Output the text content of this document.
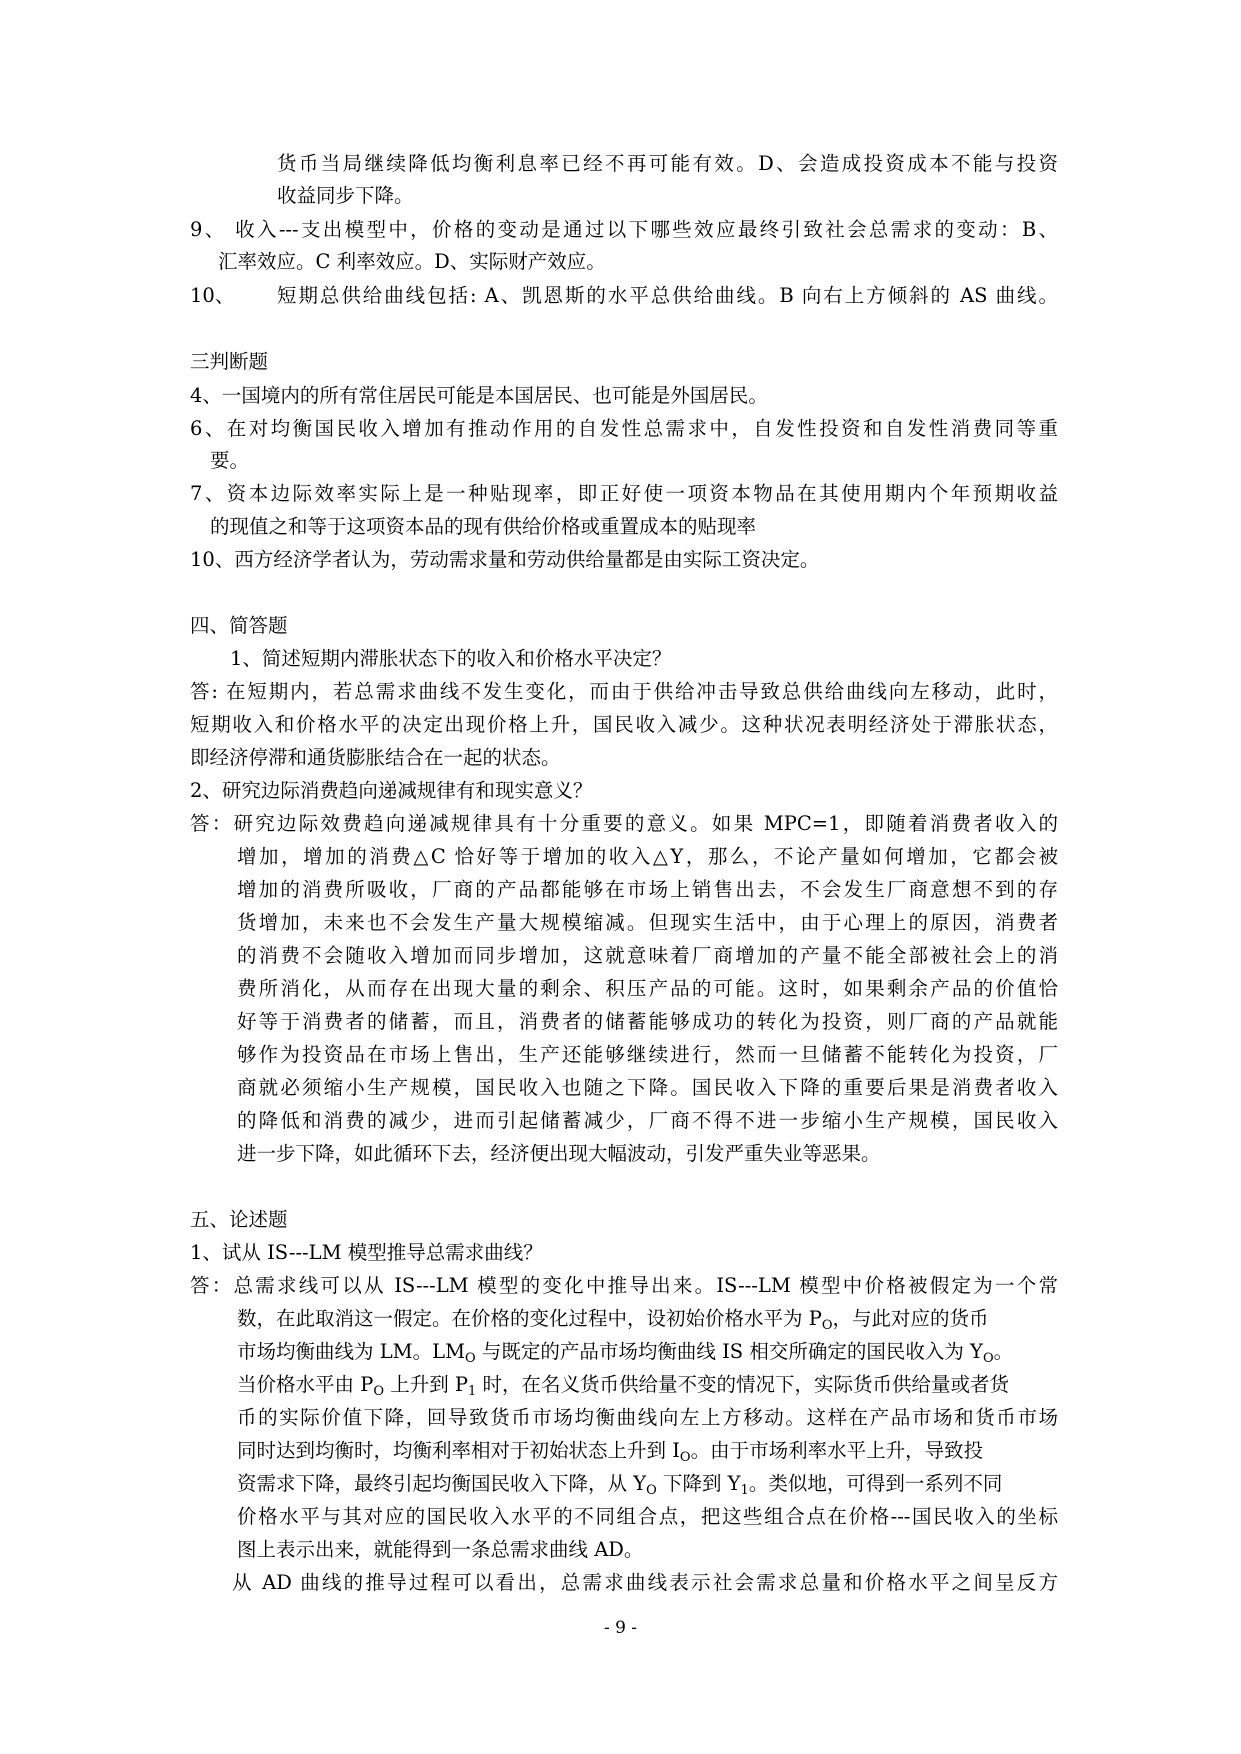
货币当局继续降低均衡利息率已经不再可能有效。D、会造成投资成本不能与投资
收益同步下降。
9、 收入---支出模型中，价格的变动是通过以下哪些效应最终引致社会总需求的变动：B、
汇率效应。C 利率效应。D、实际财产效应。
10、 短期总供给曲线包括: A、凯恩斯的水平总供给曲线。B 向右上方倾斜的 AS 曲线。
三判断题
4、一国境内的所有常住居民可能是本国居民、也可能是外国居民。
6、在对均衡国民收入增加有推动作用的自发性总需求中，自发性投资和自发性消费同等重
要。
7、资本边际效率实际上是一种贴现率，即正好使一项资本物品在其使用期内个年预期收益
的现值之和等于这项资本品的现有供给价格或重置成本的贴现率
10、西方经济学者认为，劳动需求量和劳动供给量都是由实际工资决定。
四、简答题
1、简述短期内滞胀状态下的收入和价格水平决定？
答: 在短期内，若总需求曲线不发生变化，而由于供给冲击导致总供给曲线向左移动，此时，
短期收入和价格水平的决定出现价格上升，国民收入减少。这种状况表明经济处于滞胀状态，
即经济停滞和通货膨胀结合在一起的状态。
2、研究边际消费趋向递减规律有和现实意义？
答：研究边际效费趋向递减规律具有十分重要的意义。如果 MPC=1，即随着消费者收入的
增加，增加的消费△C 恰好等于增加的收入△Y，那么，不论产量如何增加，它都会被
增加的消费所吸收，厂商的产品都能够在市场上销售出去，不会发生厂商意想不到的存
货增加，未来也不会发生产量大规模缩减。但现实生活中，由于心理上的原因，消费者
的消费不会随收入增加而同步增加，这就意味着厂商增加的产量不能全部被社会上的消
费所消化，从而存在出现大量的剩余、积压产品的可能。这时，如果剩余产品的价值恰
好等于消费者的储蓄，而且，消费者的储蓄能够成功的转化为投资，则厂商的产品就能
够作为投资品在市场上售出，生产还能够继续进行，然而一旦储蓄不能转化为投资，厂
商就必须缩小生产规模，国民收入也随之下降。国民收入下降的重要后果是消费者收入
的降低和消费的减少，进而引起储蓄减少，厂商不得不进一步缩小生产规模，国民收入
进一步下降，如此循环下去，经济便出现大幅波动，引发严重失业等恶果。
五、论述题
1、试从 IS---LM 模型推导总需求曲线？
答：总需求线可以从 IS---LM 模型的变化中推导出来。IS---LM 模型中价格被假定为一个常
数，在此取消这一假定。在价格的变化过程中，设初始价格水平为 $P_O$，与此对应的货币
市场均衡曲线为 LM。$LM_O$ 与既定的产品市场均衡曲线 IS 相交所确定的国民收入为 $Y_O$。
当价格水平由 $P_O$ 上升到 $P_1$ 时，在名义货币供给量不变的情况下，实际货币供给量或者货
币的实际价值下降，回导致货币市场均衡曲线向左上方移动。这样在产品市场和货币市场
同时达到均衡时，均衡利率相对于初始状态上升到 $I_O$。由于市场利率水平上升，导致投
资需求下降，最终引起均衡国民收入下降，从 $Y_O$ 下降到 $Y_1$。类似地，可得到一系列不同
价格水平与其对应的国民收入水平的不同组合点，把这些组合点在价格---国民收入的坐标
图上表示出来，就能得到一条总需求曲线 AD。
从 AD 曲线的推导过程可以看出，总需求曲线表示社会需求总量和价格水平之间呈反方
- 9 -
